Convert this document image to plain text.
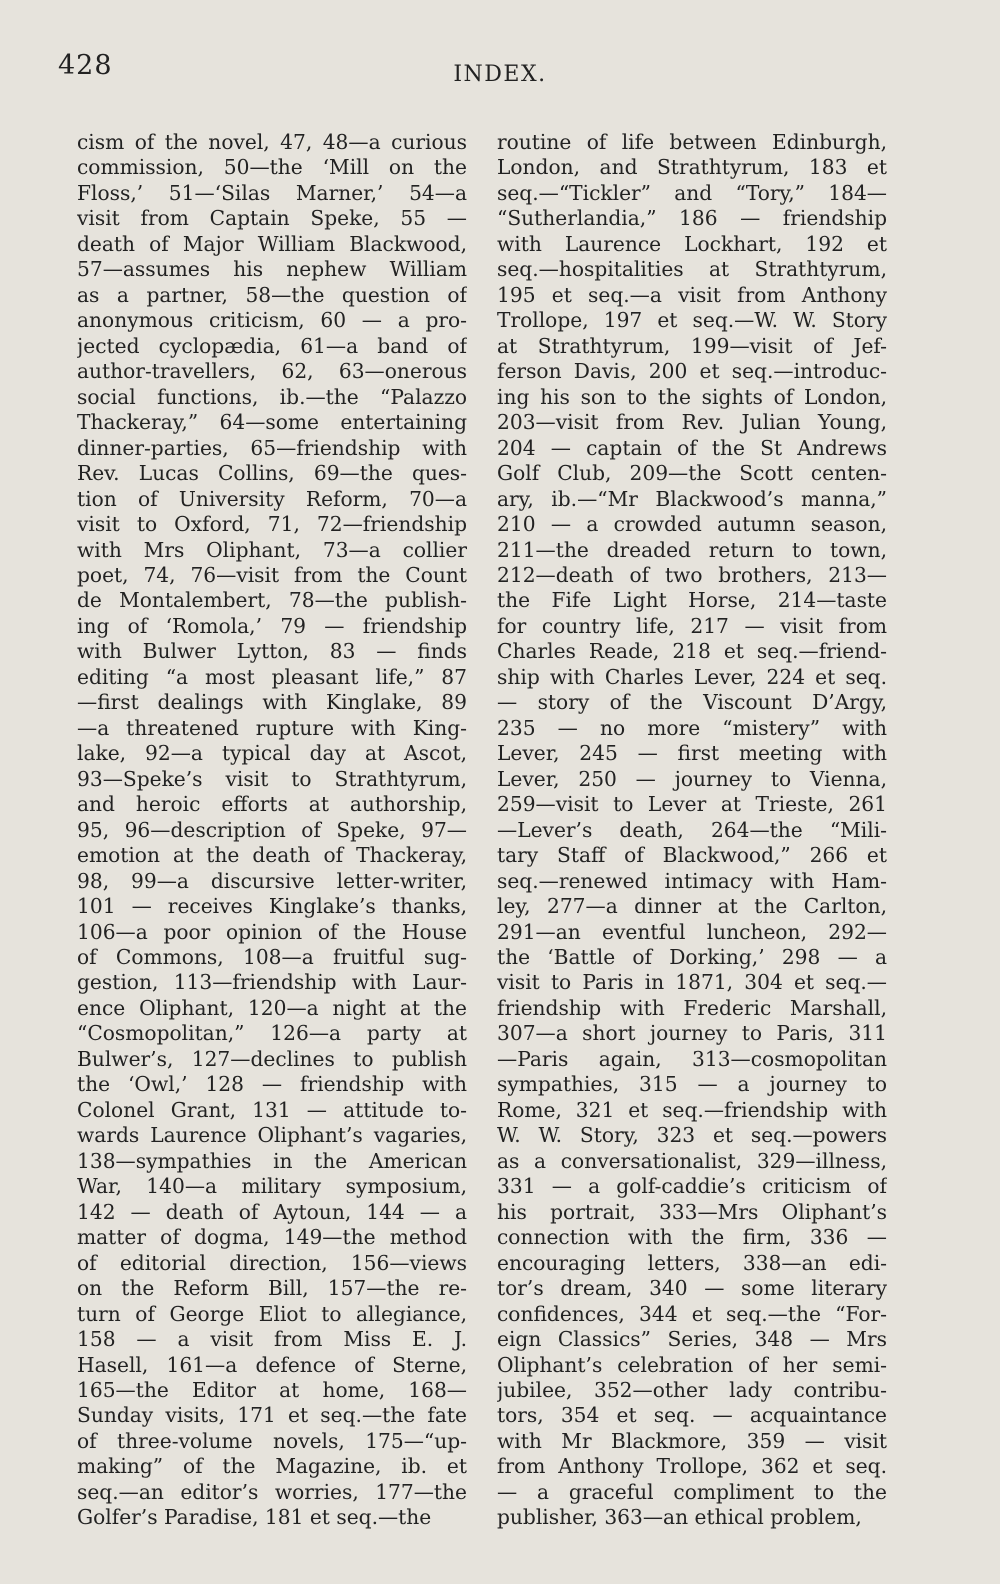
428	INDEX.
cism of the novel, 47, 48—a curious
commission, 50—the ‘Mill on the
Floss,’ 51—‘Silas Marner,’ 54—a
visit from Captain Speke, 55 —
death of Major William Blackwood,
57—assumes his nephew William
as a partner, 58—the question of
anonymous criticism, 60 — a pro-
jected cyclopædia, 61—a band of
author-travellers, 62, 63—onerous
social functions, ib.—the “Palazzo
Thackeray,” 64—some entertaining
dinner-parties, 65—friendship with
Rev. Lucas Collins, 69—the ques-
tion of University Reform, 70—a
visit to Oxford, 71, 72—friendship
with Mrs Oliphant, 73—a collier
poet, 74, 76—visit from the Count
de Montalembert, 78—the publish-
ing of ‘Romola,’ 79 — friendship
with Bulwer Lytton, 83 — finds
editing “a most pleasant life,” 87
—first dealings with Kinglake, 89
—a threatened rupture with King-
lake, 92—a typical day at Ascot,
93—Speke’s visit to Strathtyrum,
and heroic efforts at authorship,
95, 96—description of Speke, 97—
emotion at the death of Thackeray,
98, 99—a discursive letter-writer,
101 — receives Kinglake’s thanks,
106—a poor opinion of the House
of Commons, 108—a fruitful sug-
gestion, 113—friendship with Laur-
ence Oliphant, 120—a night at the
“Cosmopolitan,” 126—a party at
Bulwer’s, 127—declines to publish
the ‘Owl,’ 128 — friendship with
Colonel Grant, 131 — attitude to-
wards Laurence Oliphant’s vagaries,
138—sympathies in the American
War, 140—a military symposium,
142 — death of Aytoun, 144 — a
matter of dogma, 149—the method
of editorial direction, 156—views
on the Reform Bill, 157—the re-
turn of George Eliot to allegiance,
158 — a visit from Miss E. J.
Hasell, 161—a defence of Sterne,
165—the Editor at home, 168—
Sunday visits, 171 et seq.—the fate
of three-volume novels, 175—“up-
making” of the Magazine, ib. et
seq.—an editor’s worries, 177—the
Golfer’s Paradise, 181 et seq.—the
routine of life between Edinburgh,
London, and Strathtyrum, 183 et
seq.—“Tickler” and “Tory,” 184—
“Sutherlandia,” 186 — friendship
with Laurence Lockhart, 192 et
seq.—hospitalities at Strathtyrum,
195 et seq.—a visit from Anthony
Trollope, 197 et seq.—W. W. Story
at Strathtyrum, 199—visit of Jef-
ferson Davis, 200 et seq.—introduc-
ing his son to the sights of London,
203—visit from Rev. Julian Young,
204 — captain of the St Andrews
Golf Club, 209—the Scott centen-
ary, ib.—“Mr Blackwood’s manna,”
210 — a crowded autumn season,
211—the dreaded return to town,
212—death of two brothers, 213—
the Fife Light Horse, 214—taste
for country life, 217 — visit from
Charles Reade, 218 et seq.—friend-
ship with Charles Lever, 224 et seq.
— story of the Viscount D’Argy,
235 — no more “mistery” with
Lever, 245 — first meeting with
Lever, 250 — journey to Vienna,
259—visit to Lever at Trieste, 261
—Lever’s death, 264—the “Mili-
tary Staff of Blackwood,” 266 et
seq.—renewed intimacy with Ham-
ley, 277—a dinner at the Carlton,
291—an eventful luncheon, 292—
the ‘Battle of Dorking,’ 298 — a
visit to Paris in 1871, 304 et seq.—
friendship with Frederic Marshall,
307—a short journey to Paris, 311
—Paris again, 313—cosmopolitan
sympathies, 315 — a journey to
Rome, 321 et seq.—friendship with
W. W. Story, 323 et seq.—powers
as a conversationalist, 329—illness,
331 — a golf-caddie’s criticism of
his portrait, 333—Mrs Oliphant’s
connection with the firm, 336 —
encouraging letters, 338—an edi-
tor’s dream, 340 — some literary
confidences, 344 et seq.—the “For-
eign Classics” Series, 348 — Mrs
Oliphant’s celebration of her semi-
jubilee, 352—other lady contribu-
tors, 354 et seq. — acquaintance
with Mr Blackmore, 359 — visit
from Anthony Trollope, 362 et seq.
— a graceful compliment to the
publisher, 363—an ethical problem,
